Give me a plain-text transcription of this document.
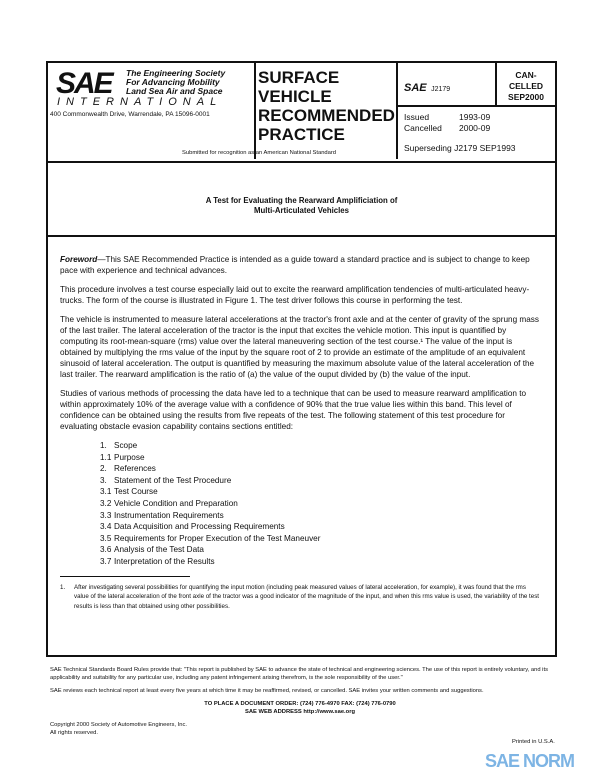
SAE The Engineering Society
For Advancing Mobility
Land Sea Air and Space
INTERNATIONAL
400 Commonwealth Drive, Warrendale, PA 15096-0001
SURFACE
VEHICLE
RECOMMENDED
PRACTICE
Submitted for recognition as an American National Standard
SAE J2179
CAN-
CELLED
SEP2000
Issued	1993-09
Cancelled 2000-09
Superseding J2179 SEP1993
A Test for Evaluating the Rearward Amplificiation of
Multi-Articulated Vehicles

Foreword—This SAE Recommended Practice is intended as a guide toward a standard practice and is subject to change to keep pace with experience and technical advances.

This procedure involves a test course especially laid out to excite the rearward amplification tendencies of multi-articulated heavy-trucks. The form of the course is illustrated in Figure 1. The test driver follows this course in performing the test.

The vehicle is instrumented to measure lateral accelerations at the tractor's front axle and at the center of gravity of the sprung mass of the last trailer. The lateral acceleration of the tractor is the input that excites the vehicle motion. This input is quantified by computing its root-mean-square (rms) value over the lateral maneuvering section of the test course.¹ The value of the input is obtained by multiplying the rms value of the input by the square root of 2 to provide an estimate of the amplitude of an equivalent sinusoid of lateral acceleration. The output is quantified by measuring the maximum absolute value of the lateral acceleration of the last trailer. The rearward amplification is the ratio of (a) the value of the ouput divided by (b) the value of the input.

Studies of various methods of processing the data have led to a technique that can be used to measure rearward amplification to within approximately 10% of the average value with a confidence of 90% that the true value lies within this band. This level of confidence can be obtained using the results from five repeats of the test. The following statement of this test procedure for evaluating obstacle evasion capability contains sections entitled:

1. Scope
1.1 Purpose
2. References
3. Statement of the Test Procedure
3.1 Test Course
3.2 Vehicle Condition and Preparation
3.3 Instrumentation Requirements
3.4 Data Acquisition and Processing Requirements
3.5 Requirements for Proper Execution of the Test Maneuver
3.6 Analysis of the Test Data
3.7 Interpretation of the Results
1.	After investigating several possibilities for quantifying the input motion (including peak measured values of lateral acceleration, for example), it was found that the rms value of the lateral acceleration of the front axle of the tractor was a good indicator of the magnitude of the input, and when this rms value is used, the variability of the test results is less than that obtained using other possibilities.
SAE Technical Standards Board Rules provide that: "This report is published by SAE to advance the state of technical and engineering sciences. The use of this report is entirely voluntary, and its applicability and suitability for any particular use, including any patent infringement arising therefrom, is the sole responsibility of the user."
SAE reviews each technical report at least every five years at which time it may be reaffirmed, revised, or cancelled. SAE invites your written comments and suggestions.
TO PLACE A DOCUMENT ORDER: (724) 776-4970 FAX: (724) 776-0790
SAE WEB ADDRESS http://www.sae.org
Copyright 2000 Society of Automotive Engineers, Inc.
All rights reserved.
Printed in U.S.A.
SAE NORM
